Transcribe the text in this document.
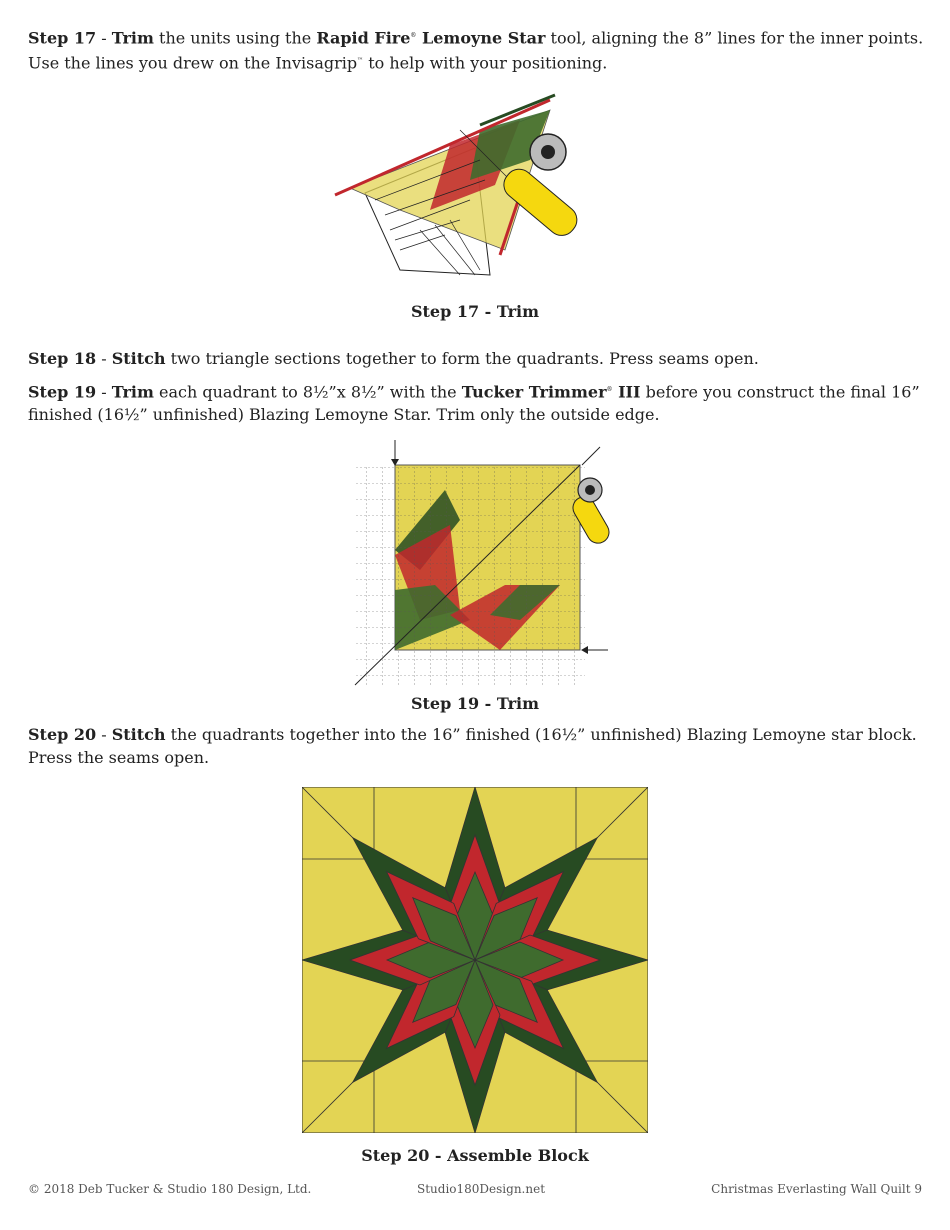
Step 17 - Trim the units using the Rapid Fire® Lemoyne Star tool, aligning the 8” lines for the inner points. Use the lines you drew on the Invisagrip™ to help with your positioning.

Step 17 - Trim

Step 18 - Stitch two triangle sections together to form the quadrants. Press seams open.

Step 19 - Trim each quadrant to 8½”x 8½” with the Tucker Trimmer® III before you construct the final 16” finished (16½” unfinished) Blazing Lemoyne Star. Trim only the outside edge.

Step 19 - Trim

Step 20 - Stitch the quadrants together into the 16” finished (16½” unfinished) Blazing Lemoyne star block. Press the seams open.

Step 20 - Assemble Block

© 2018 Deb Tucker & Studio 180 Design, Ltd.	Studio180Design.net	Christmas Everlasting Wall Quilt 9
